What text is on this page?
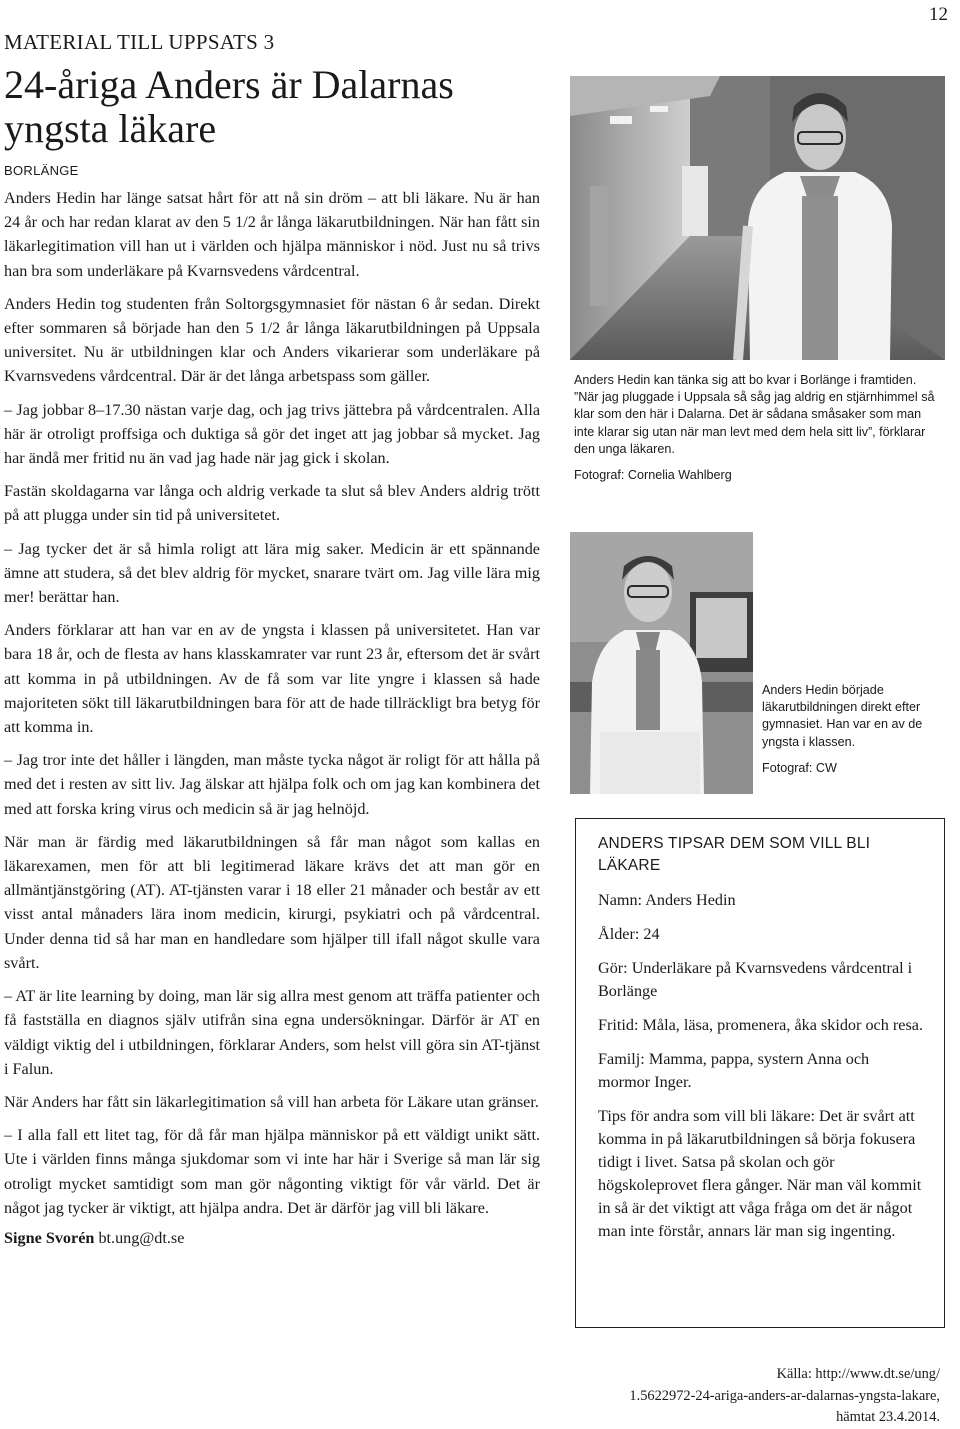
12

MATERIAL TILL UPPSATS 3

24-åriga Anders är Dalarnas yngsta läkare

BORLÄNGE

Anders Hedin har länge satsat hårt för att nå sin dröm – att bli läkare. Nu är han 24 år och har redan klarat av den 5 1/2 år långa läkarutbildningen. När han fått sin läkarlegitimation vill han ut i världen och hjälpa människor i nöd. Just nu så trivs han bra som underläkare på Kvarnsvedens vårdcentral.

Anders Hedin tog studenten från Soltorgsgymnasiet för nästan 6 år sedan. Direkt efter sommaren så började han den 5 1/2 år långa läkarutbildningen på Uppsala universitet. Nu är utbildningen klar och Anders vikarierar som underläkare på Kvarnsvedens vårdcentral. Där är det långa arbetspass som gäller.

– Jag jobbar 8–17.30 nästan varje dag, och jag trivs jättebra på vårdcentralen. Alla här är otroligt proffsiga och duktiga så gör det inget att jag jobbar så mycket. Jag har ändå mer fritid nu än vad jag hade när jag gick i skolan.

Fastän skoldagarna var långa och aldrig verkade ta slut så blev Anders aldrig trött på att plugga under sin tid på universitetet.

– Jag tycker det är så himla roligt att lära mig saker. Medicin är ett spännande ämne att studera, så det blev aldrig för mycket, snarare tvärt om. Jag ville lära mig mer! berättar han.

Anders förklarar att han var en av de yngsta i klassen på universitetet. Han var bara 18 år, och de flesta av hans klasskamrater var runt 23 år, eftersom det är svårt att komma in på utbildningen. Av de få som var lite yngre i klassen så hade majoriteten sökt till läkarutbildningen bara för att de hade tillräckligt bra betyg för att komma in.

– Jag tror inte det håller i längden, man måste tycka något är roligt för att hålla på med det i resten av sitt liv. Jag älskar att hjälpa folk och om jag kan kombinera det med att forska kring virus och medicin så är jag helnöjd.

När man är färdig med läkarutbildningen så får man något som kallas en läkarexamen, men för att bli legitimerad läkare krävs det att man gör en allmäntjänstgöring (AT). AT-tjänsten varar i 18 eller 21 månader och består av ett visst antal månaders lära inom medicin, kirurgi, psykiatri och på vårdcentral. Under denna tid så har man en handledare som hjälper till ifall något skulle vara svårt.

– AT är lite learning by doing, man lär sig allra mest genom att träffa patienter och få fastställa en diagnos själv utifrån sina egna undersökningar. Därför är AT en väldigt viktig del i utbildningen, förklarar Anders, som helst vill göra sin AT-tjänst i Falun.

När Anders har fått sin läkarlegitimation så vill han arbeta för Läkare utan gränser.

– I alla fall ett litet tag, för då får man hjälpa människor på ett väldigt unikt sätt. Ute i världen finns många sjukdomar som vi inte har här i Sverige så man lär sig otroligt mycket samtidigt som man gör någonting viktigt för vår värld. Det är något jag tycker är viktigt, att hjälpa andra. Det är därför jag vill bli läkare.

Signe Svorén bt.ung@dt.se

Anders Hedin kan tänka sig att bo kvar i Borlänge i framtiden. ”När jag pluggade i Uppsala så såg jag aldrig en stjärnhimmel så klar som den här i Dalarna. Det är sådana småsaker som man inte klarar sig utan när man levt med dem hela sitt liv”, förklarar den unga läkaren.

Fotograf: Cornelia Wahlberg

Anders Hedin började läkarutbildningen direkt efter gymnasiet. Han var en av de yngsta i klassen.

Fotograf: CW

ANDERS TIPSAR DEM SOM VILL BLI LÄKARE

Namn: Anders Hedin

Ålder: 24

Gör: Underläkare på Kvarnsvedens vårdcentral i Borlänge

Fritid: Måla, läsa, promenera, åka skidor och resa.

Familj: Mamma, pappa, systern Anna och mormor Inger.

Tips för andra som vill bli läkare: Det är svårt att komma in på läkarutbildningen så börja fokusera tidigt i livet. Satsa på skolan och gör högskoleprovet flera gånger. När man väl kommit in så är det viktigt att våga fråga om det är något man inte förstår, annars lär man sig ingenting.

Källa: http://www.dt.se/ung/
1.5622972-24-ariga-anders-ar-dalarnas-yngsta-lakare,
hämtat 23.4.2014.
